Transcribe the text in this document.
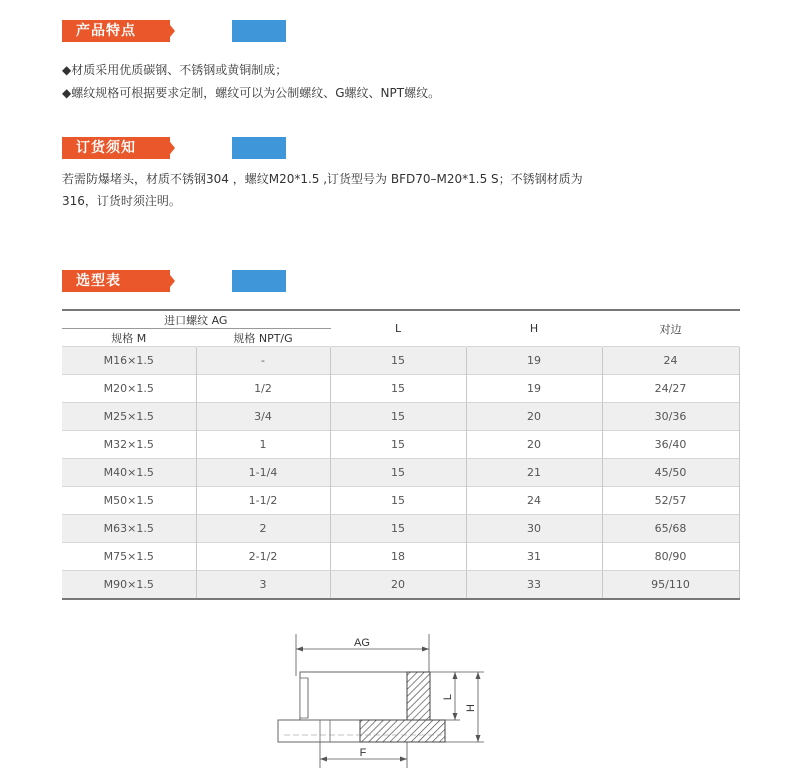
产品特点
◆材质采用优质碳钢、不锈钢或黄铜制成；
◆螺纹规格可根据要求定制，螺纹可以为公制螺纹、G螺纹、NPT螺纹。
订货须知
若需防爆堵头，材质不锈钢304 ，螺纹M20*1.5 ,订货型号为 BFD70–M20*1.5 S；不锈钢材质为
316，订货时须注明。
选型表
进口螺纹 AG		L	H	对边
规格 M	规格 NPT/G			
M16×1.5	-	15	19	24
M20×1.5	1/2	15	19	24/27
M25×1.5	3/4	15	20	30/36
M32×1.5	1	15	20	36/40
M40×1.5	1-1/4	15	21	45/50
M50×1.5	1-1/2	15	24	52/57
M63×1.5	2	15	30	65/68
M75×1.5	2-1/2	18	31	80/90
M90×1.5	3	20	33	95/110
AG
F
L
H
